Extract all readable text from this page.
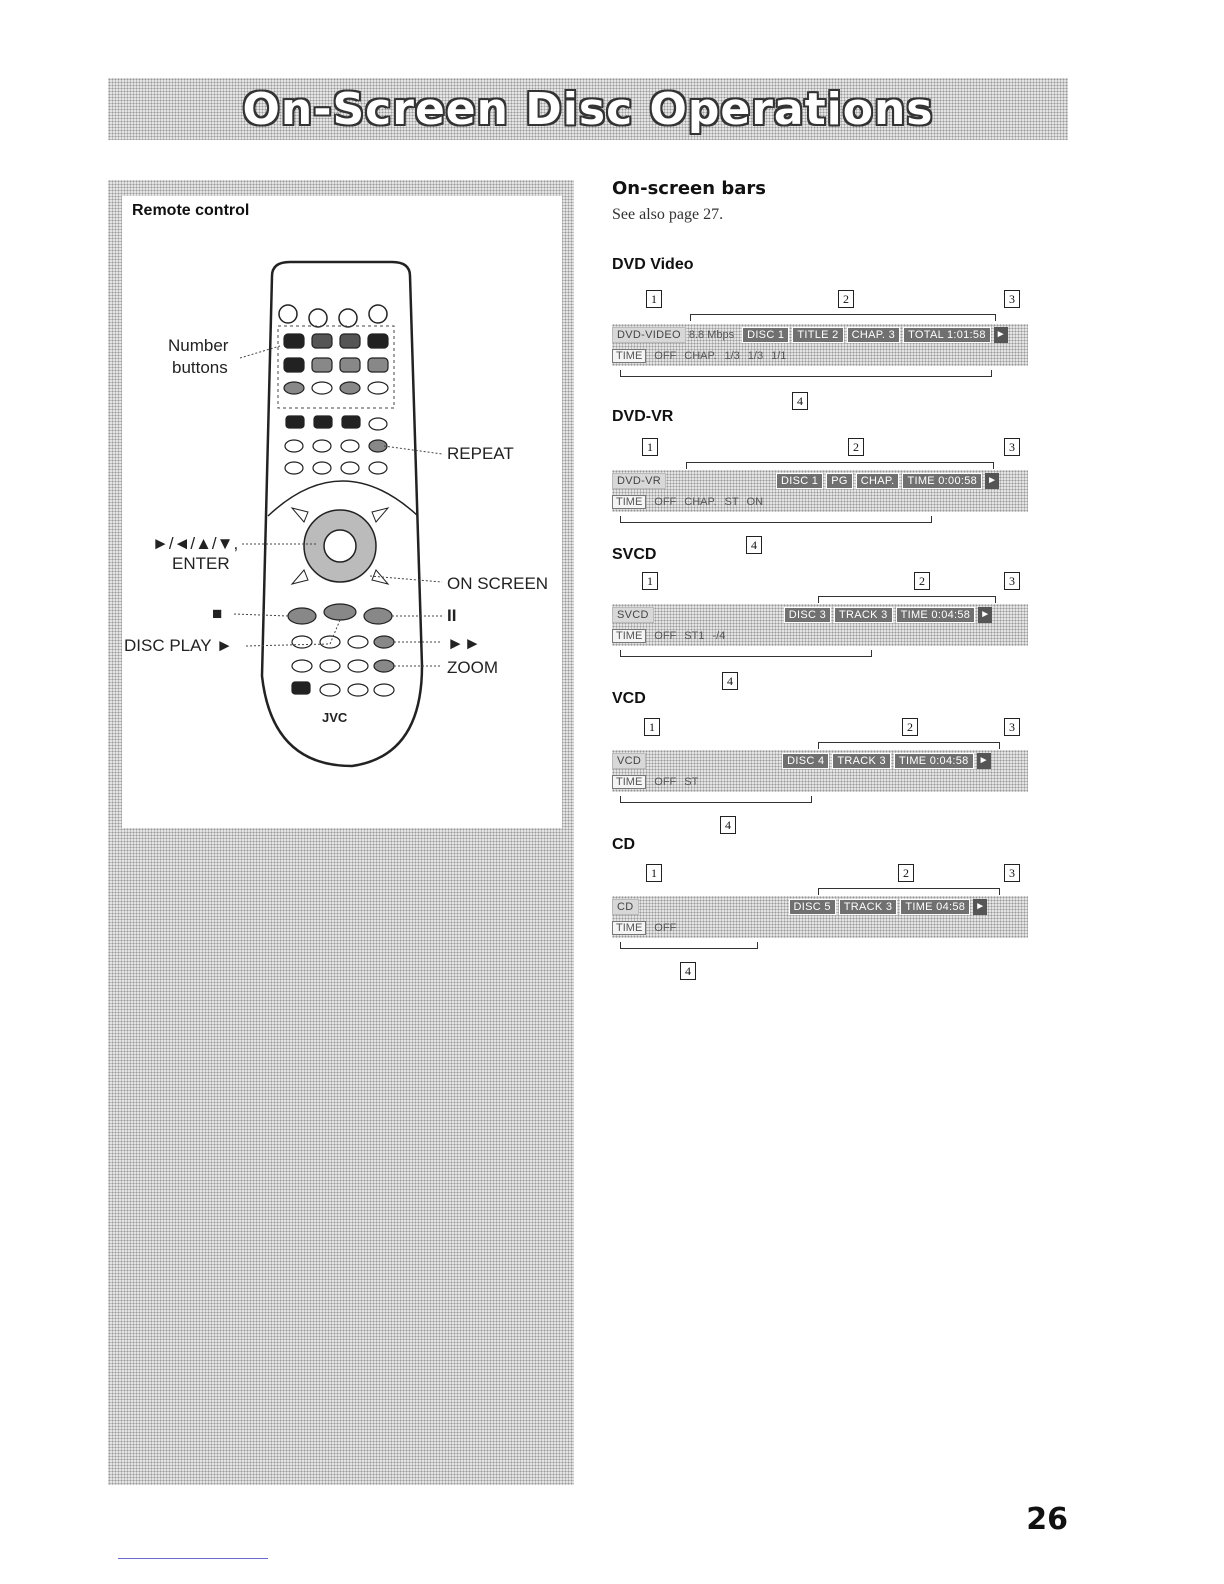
On-Screen Disc Operations
Remote control
Number
buttons
REPEAT
►/◄/▲/▼,
ENTER
ON SCREEN
■	II
DISC PLAY ►	►►
ZOOM
JVC
On-screen bars
See also page 27.
DVD Video
1	2	3
DVD-VIDEO 8.8 Mbps	DISC 1	TITLE 2	CHAP. 3	TOTAL 1:01:58	►
TIME	OFF CHAP. 1/3 1/3 1/1
4
DVD-VR
1	2	3
DVD-VR	DISC 1	PG	CHAP.	TIME 0:00:58	►
TIME	OFF CHAP. ST ON
4
SVCD
1	2	3
SVCD	DISC 3	TRACK 3	TIME 0:04:58	►
TIME	OFF ST1 -/4
4
VCD
1	2	3
VCD	DISC 4	TRACK 3	TIME 0:04:58	►
TIME	OFF ST
4
CD
1	2	3
CD	DISC 5	TRACK 3	TIME 04:58	►
TIME	OFF
4
26
